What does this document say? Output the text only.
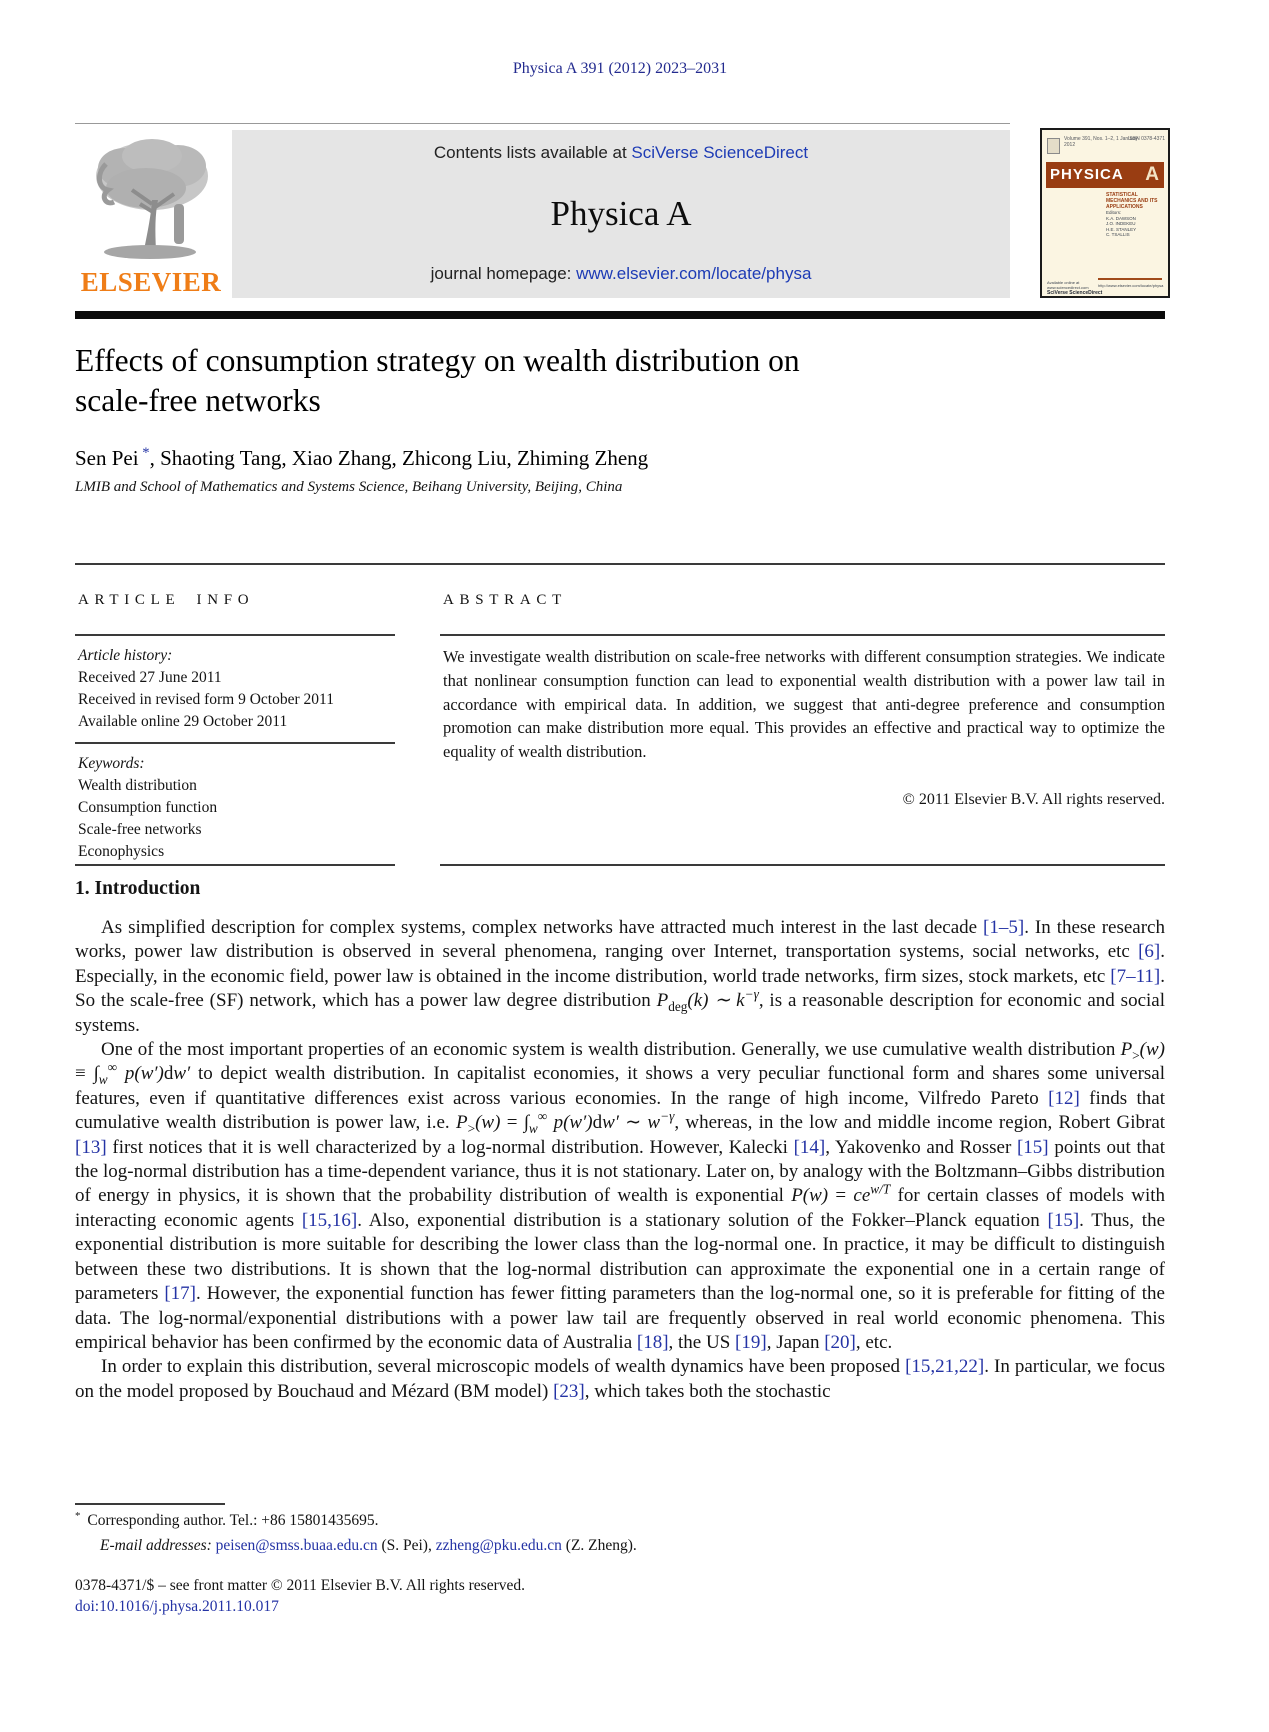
Physica A 391 (2012) 2023–2031
ELSEVIER
Contents lists available at SciVerse ScienceDirect
Physica A
journal homepage: www.elsevier.com/locate/physa
Volume 391, Nos. 1–2, 1 January 2012
ISSN 0378-4371
PHYSICA A
STATISTICAL MECHANICS AND ITS APPLICATIONS
Editors:

K.A. DAWSON

J.O. INDEKEU

H.E. STANLEY

C. TSALLIS
http://www.elsevier.com/locate/physa
Available online at www.sciencedirect.com
SciVerse ScienceDirect
Effects of consumption strategy on wealth distribution on
scale-free networks
Sen Pei *, Shaoting Tang, Xiao Zhang, Zhicong Liu, Zhiming Zheng
LMIB and School of Mathematics and Systems Science, Beihang University, Beijing, China
ARTICLE INFO
Article history:
Received 27 June 2011
Received in revised form 9 October 2011
Available online 29 October 2011
Keywords:
Wealth distribution
Consumption function
Scale-free networks
Econophysics
ABSTRACT
We investigate wealth distribution on scale-free networks with different consumption strategies. We indicate that nonlinear consumption function can lead to exponential wealth distribution with a power law tail in accordance with empirical data. In addition, we suggest that anti-degree preference and consumption promotion can make distribution more equal. This provides an effective and practical way to optimize the equality of wealth distribution.
© 2011 Elsevier B.V. All rights reserved.
1. Introduction

As simplified description for complex systems, complex networks have attracted much interest in the last decade [1–5]. In these research works, power law distribution is observed in several phenomena, ranging over Internet, transportation systems, social networks, etc [6]. Especially, in the economic field, power law is obtained in the income distribution, world trade networks, firm sizes, stock markets, etc [7–11]. So the scale-free (SF) network, which has a power law degree distribution $P_{deg}(k)$ ∼ $k^{-\gamma}$, is a reasonable description for economic and social systems.

One of the most important properties of an economic system is wealth distribution. Generally, we use cumulative wealth distribution $P_>(w) \equiv \int_w^\infty$ p(w′)dw′ to depict wealth distribution. In capitalist economies, it shows a very peculiar functional form and shares some universal features, even if quantitative differences exist across various economies. In the range of high income, Vilfredo Pareto [12] finds that cumulative wealth distribution is power law, i.e. $P_>(w) = \int_w^\infty$ p(w′)dw′ ∼ $w^{-\gamma}$, whereas, in the low and middle income region, Robert Gibrat [13] first notices that it is well characterized by a log-normal distribution. However, Kalecki [14], Yakovenko and Rosser [15] points out that the log-normal distribution has a time-dependent variance, thus it is not stationary. Later on, by analogy with the Boltzmann–Gibbs distribution of energy in physics, it is shown that the probability distribution of wealth is exponential $P(w) = ce^{w/T}$ for certain classes of models with interacting economic agents [15,16]. Also, exponential distribution is a stationary solution of the Fokker–Planck equation [15]. Thus, the exponential distribution is more suitable for describing the lower class than the log-normal one. In practice, it may be difficult to distinguish between these two distributions. It is shown that the log-normal distribution can approximate the exponential one in a certain range of parameters [17]. However, the exponential function has fewer fitting parameters than the log-normal one, so it is preferable for fitting of the data. The log-normal/exponential distributions with a power law tail are frequently observed in real world economic phenomena. This empirical behavior has been confirmed by the economic data of Australia [18], the US [19], Japan [20], etc.

In order to explain this distribution, several microscopic models of wealth dynamics have been proposed [15,21,22]. In particular, we focus on the model proposed by Bouchaud and Mézard (BM model) [23], which takes both the stochastic

* Corresponding author. Tel.: +86 15801435695.
E-mail addresses: peisen@smss.buaa.edu.cn (S. Pei), zzheng@pku.edu.cn (Z. Zheng).
0378-4371/$ – see front matter © 2011 Elsevier B.V. All rights reserved.
doi:10.1016/j.physa.2011.10.017
